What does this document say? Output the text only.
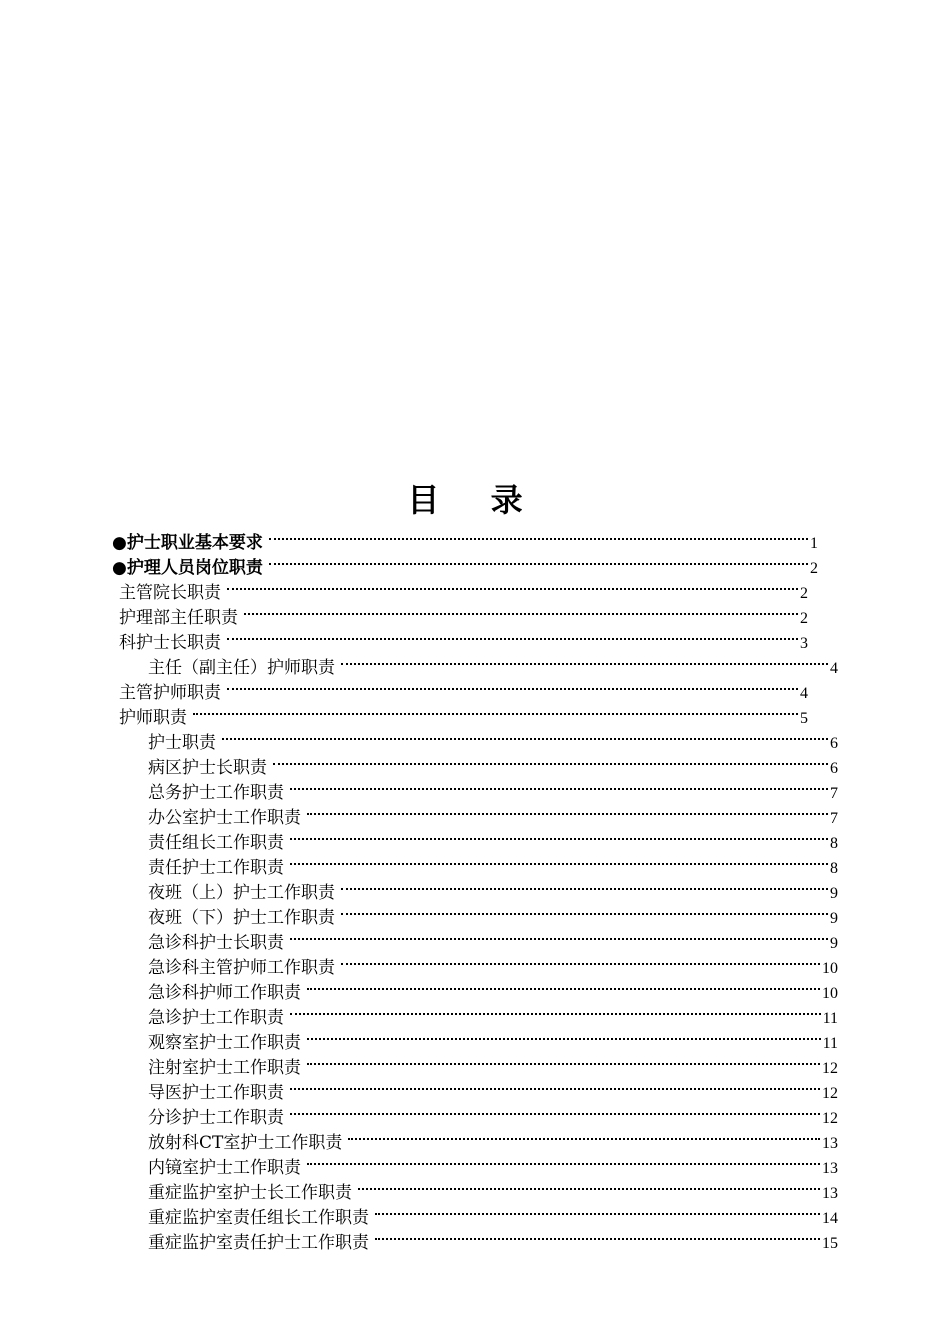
目 录
●护士职业基本要求	1
●护理人员岗位职责	2
主管院长职责	2
护理部主任职责	2
科护士长职责	3
主任（副主任）护师职责	4
主管护师职责	4
护师职责	5
护士职责	6
病区护士长职责	6
总务护士工作职责	7
办公室护士工作职责	7
责任组长工作职责	8
责任护士工作职责	8
夜班（上）护士工作职责	9
夜班（下）护士工作职责	9
急诊科护士长职责	9
急诊科主管护师工作职责	10
急诊科护师工作职责	10
急诊护士工作职责	11
观察室护士工作职责	11
注射室护士工作职责	12
导医护士工作职责	12
分诊护士工作职责	12
放射科CT室护士工作职责	13
内镜室护士工作职责	13
重症监护室护士长工作职责	13
重症监护室责任组长工作职责	14
重症监护室责任护士工作职责	15
